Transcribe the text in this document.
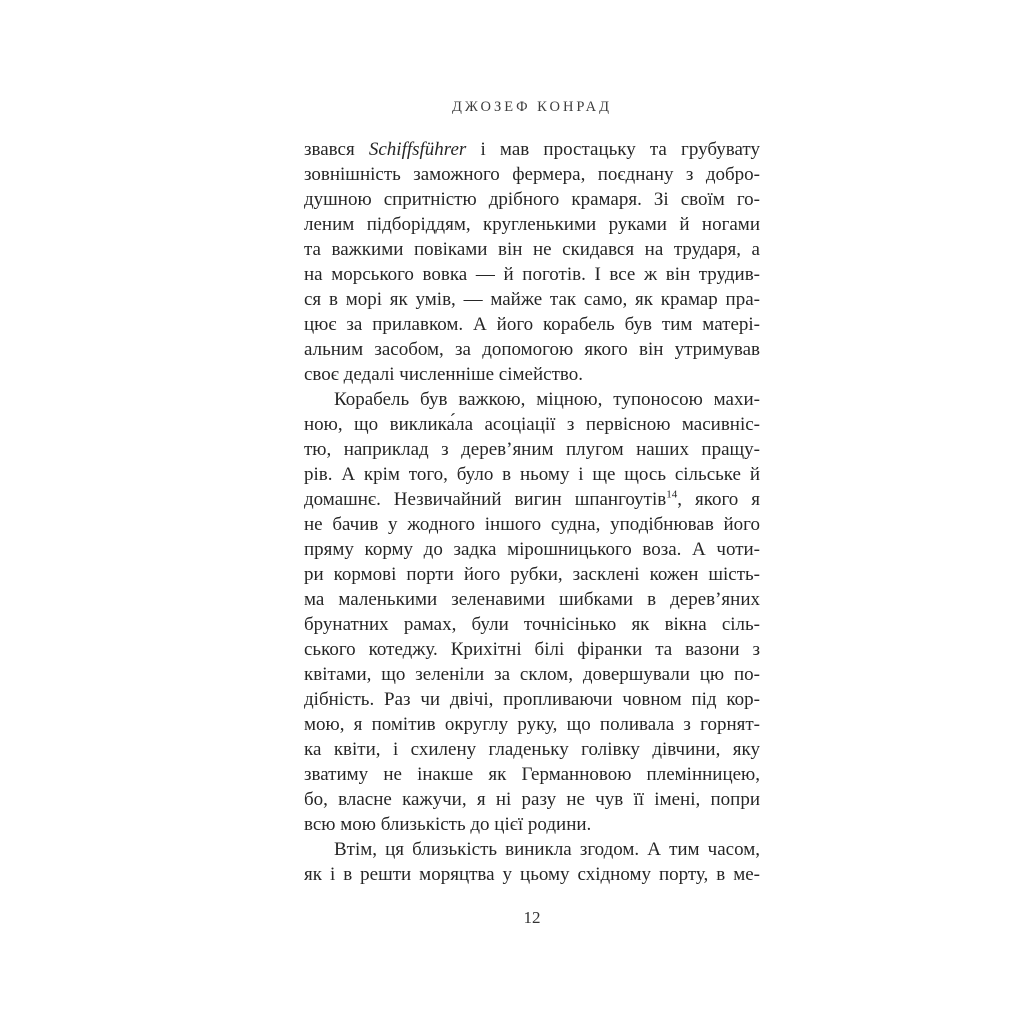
ДЖОЗЕФ КОНРАД
звався Schiffsführer і мав простацьку та грубувату
зовнішність заможного фермера, поєднану з добро-
душною спритністю дрібного крамаря. Зі своїм го-
леним підборіддям, кругленькими руками й ногами
та важкими повіками він не скидався на трударя, а
на морського вовка — й поготів. І все ж він трудив-
ся в морі як умів, — майже так само, як крамар пра-
цює за прилавком. А його корабель був тим матері-
альним засобом, за допомогою якого він утримував
своє дедалі численніше сімейство.
Корабель був важкою, міцною, тупоносою махи-
ною, що виклика́ла асоціації з первісною масивніс-
тю, наприклад з дерев’яним плугом наших пращу-
рів. А крім того, було в ньому і ще щось сільське й
домашнє. Незвичайний вигин шпангоутів$^{14}$, якого я
не бачив у жодного іншого судна, уподібнював його
пряму корму до задка мірошницького воза. А чоти-
ри кормові порти його рубки, засклені кожен шість-
ма маленькими зеленавими шибками в дерев’яних
брунатних рамах, були точнісінько як вікна сіль-
ського котеджу. Крихітні білі фіранки та вазони з
квітами, що зеленіли за склом, довершували цю по-
дібність. Раз чи двічі, пропливаючи човном під кор-
мою, я помітив округлу руку, що поливала з горнят-
ка квіти, і схилену гладеньку голівку дівчини, яку
зватиму не інакше як Германновою племінницею,
бо, власне кажучи, я ні разу не чув її імені, попри
всю мою близькість до цієї родини.
Втім, ця близькість виникла згодом. А тим часом,
як і в решти моряцтва у цьому східному порту, в ме-
12
